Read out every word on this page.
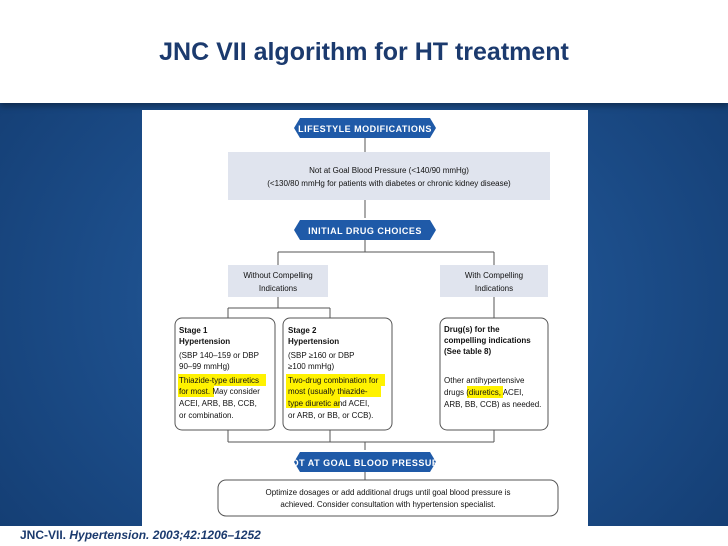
JNC VII algorithm for HT treatment
LIFESTYLE MODIFICATIONS
Not at Goal Blood Pressure (<140/90 mmHg)
(<130/80 mmHg for patients with diabetes or chronic kidney disease)
INITIAL DRUG CHOICES
Without Compelling
Indications
With Compelling
Indications
Stage 1
Hypertension
(SBP 140–159 or DBP
90–99 mmHg)
Thiazide-type diuretics
for most. May consider
ACEI, ARB, BB, CCB,
or combination.
Stage 2
Hypertension
(SBP ≥160 or DBP
≥100 mmHg)
Two-drug combination for
most (usually thiazide-
type diuretic and ACEI,
or ARB, or BB, or CCB).
Drug(s) for the
compelling indications
(See table 8)
Other antihypertensive
drugs (diuretics, ACEI,
ARB, BB, CCB) as needed.
NOT AT GOAL BLOOD PRESSURE
Optimize dosages or add additional drugs until goal blood pressure is
achieved. Consider consultation with hypertension specialist.
JNC-VII. Hypertension. 2003;42:1206–1252
